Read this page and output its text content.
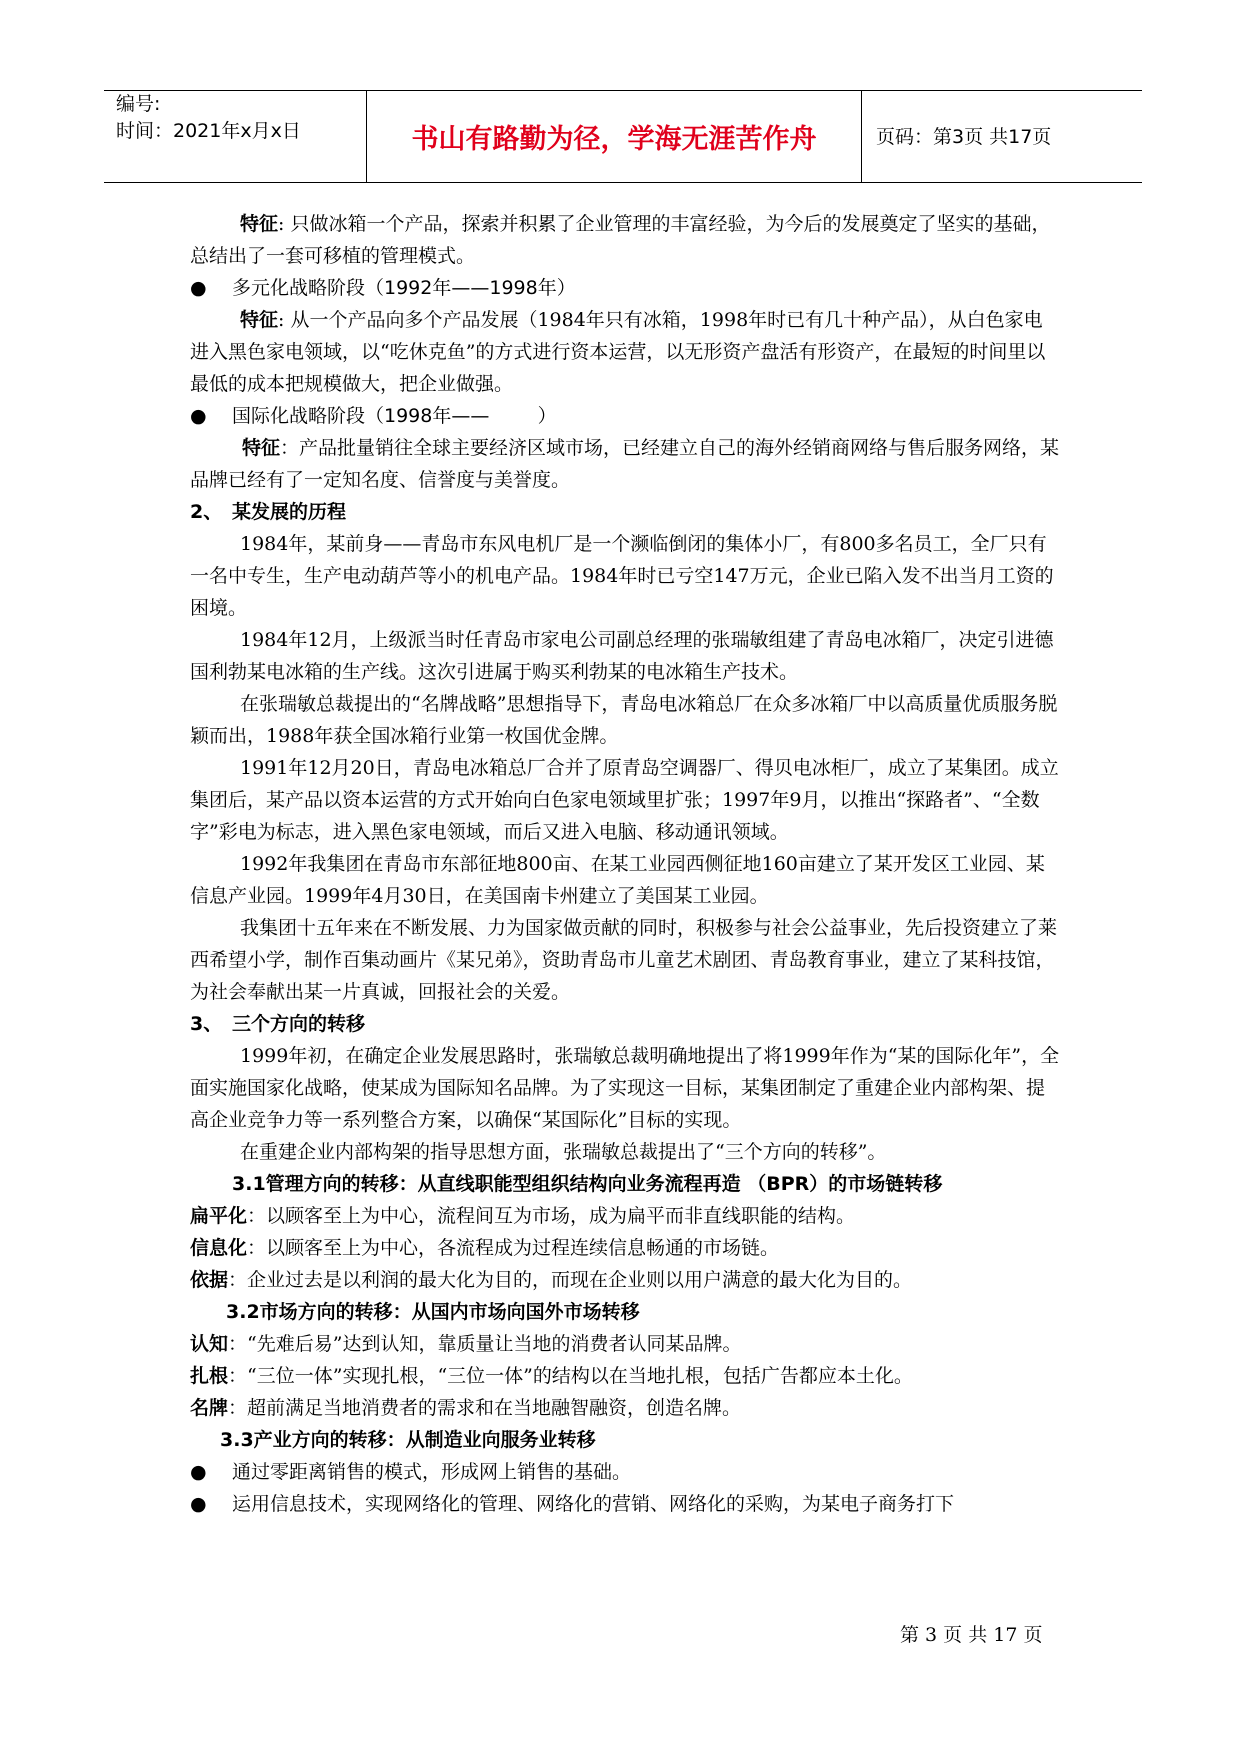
编号:
时间：2021年x月x日	书山有路勤为径，学海无涯苦作舟	页码：第3页 共17页

特征: 只做冰箱一个产品，探索并积累了企业管理的丰富经验，为今后的发展奠定了坚实的基础，总结出了一套可移植的管理模式。

● 多元化战略阶段（1992年——1998年）

特征: 从一个产品向多个产品发展（1984年只有冰箱，1998年时已有几十种产品），从白色家电进入黑色家电领域，以“吃休克鱼”的方式进行资本运营，以无形资产盘活有形资产，在最短的时间里以最低的成本把规模做大，把企业做强。

● 国际化战略阶段（1998年——        ）

特征：产品批量销往全球主要经济区域市场，已经建立自己的海外经销商网络与售后服务网络，某品牌已经有了一定知名度、信誉度与美誉度。

2、 某发展的历程

1984年，某前身——青岛市东风电机厂是一个濒临倒闭的集体小厂，有800多名员工，全厂只有一名中专生，生产电动葫芦等小的机电产品。1984年时已亏空147万元，企业已陷入发不出当月工资的困境。

1984年12月，上级派当时任青岛市家电公司副总经理的张瑞敏组建了青岛电冰箱厂，决定引进德国利勃某电冰箱的生产线。这次引进属于购买利勃某的电冰箱生产技术。

在张瑞敏总裁提出的“名牌战略”思想指导下，青岛电冰箱总厂在众多冰箱厂中以高质量优质服务脱颖而出，1988年获全国冰箱行业第一枚国优金牌。

1991年12月20日，青岛电冰箱总厂合并了原青岛空调器厂、得贝电冰柜厂，成立了某集团。成立集团后，某产品以资本运营的方式开始向白色家电领域里扩张；1997年9月，以推出“探路者”、“全数字”彩电为标志，进入黑色家电领域，而后又进入电脑、移动通讯领域。

1992年我集团在青岛市东部征地800亩、在某工业园西侧征地160亩建立了某开发区工业园、某信息产业园。1999年4月30日，在美国南卡州建立了美国某工业园。

我集团十五年来在不断发展、力为国家做贡献的同时，积极参与社会公益事业，先后投资建立了莱西希望小学，制作百集动画片《某兄弟》，资助青岛市儿童艺术剧团、青岛教育事业，建立了某科技馆，为社会奉献出某一片真诚，回报社会的关爱。

3、 三个方向的转移

1999年初，在确定企业发展思路时，张瑞敏总裁明确地提出了将1999年作为“某的国际化年”，全面实施国家化战略，使某成为国际知名品牌。为了实现这一目标，某集团制定了重建企业内部构架、提高企业竞争力等一系列整合方案，以确保“某国际化”目标的实现。

在重建企业内部构架的指导思想方面，张瑞敏总裁提出了“三个方向的转移”。

3.1管理方向的转移：从直线职能型组织结构向业务流程再造 （BPR）的市场链转移

扁平化：以顾客至上为中心，流程间互为市场，成为扁平而非直线职能的结构。

信息化：以顾客至上为中心，各流程成为过程连续信息畅通的市场链。

依据：企业过去是以利润的最大化为目的，而现在企业则以用户满意的最大化为目的。

3.2市场方向的转移：从国内市场向国外市场转移

认知：“先难后易”达到认知，靠质量让当地的消费者认同某品牌。

扎根：“三位一体”实现扎根，“三位一体”的结构以在当地扎根，包括广告都应本土化。

名牌：超前满足当地消费者的需求和在当地融智融资，创造名牌。

3.3产业方向的转移：从制造业向服务业转移
● 通过零距离销售的模式，形成网上销售的基础。
● 运用信息技术，实现网络化的管理、网络化的营销、网络化的采购，为某电子商务打下
第 3 页 共 17 页
